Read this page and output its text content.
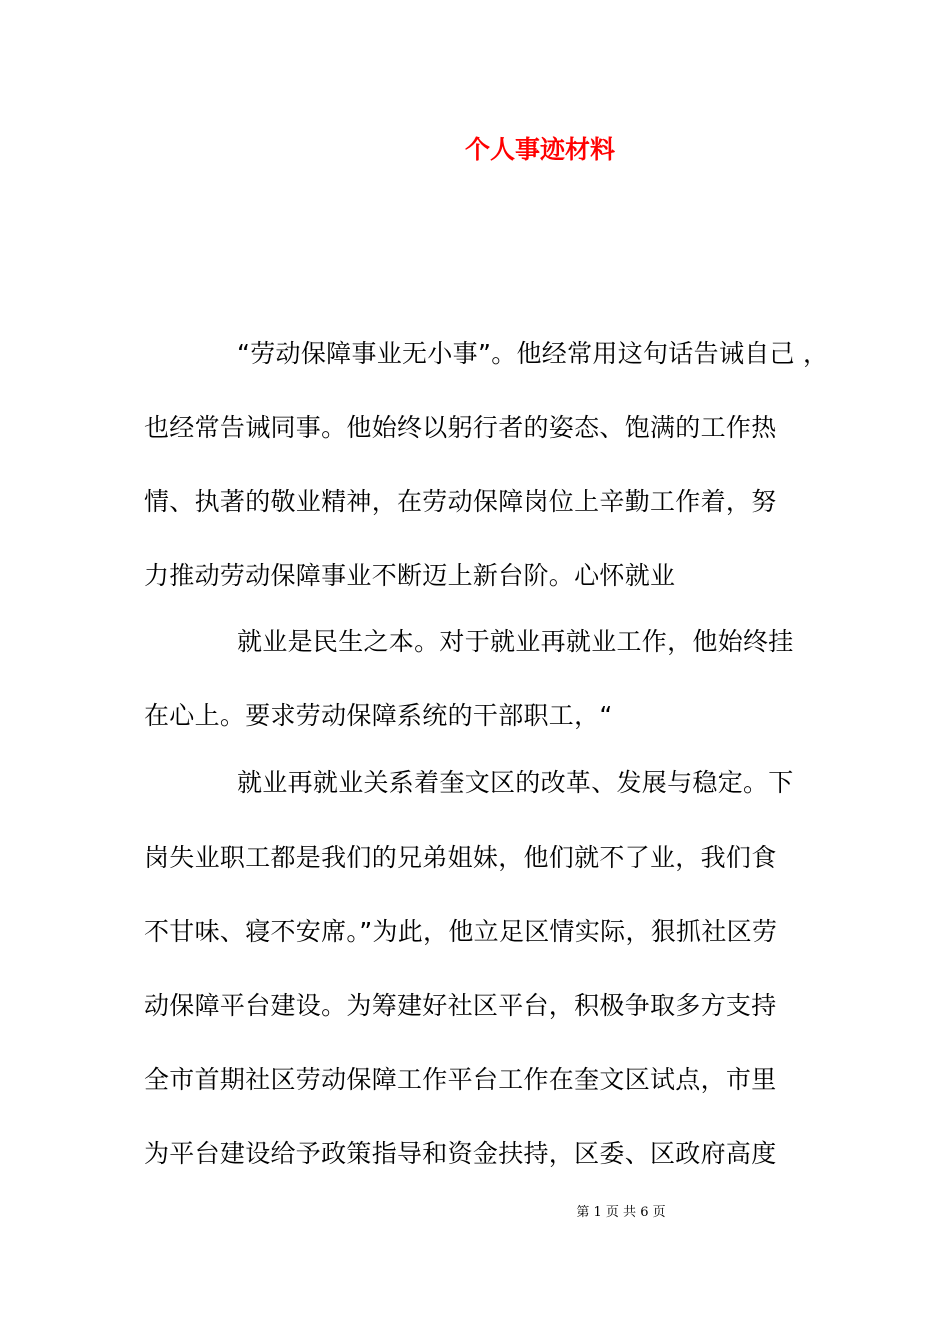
个人事迹材料
“劳动保障事业无小事”。他经常用这句话告诫自己 ，
也经常告诫同事。他始终以躬行者的姿态、饱满的工作热
情、执著的敬业精神，在劳动保障岗位上辛勤工作着，努
力推动劳动保障事业不断迈上新台阶。心怀就业
就业是民生之本。对于就业再就业工作，他始终挂
在心上。要求劳动保障系统的干部职工，“
就业再就业关系着奎文区的改革、发展与稳定。下
岗失业职工都是我们的兄弟姐妹，他们就不了业，我们食
不甘味、寝不安席。”为此，他立足区情实际，狠抓社区劳
动保障平台建设。为筹建好社区平台，积极争取多方支持
全市首期社区劳动保障工作平台工作在奎文区试点，市里
为平台建设给予政策指导和资金扶持，区委、区政府高度
第 1 页 共 6 页
